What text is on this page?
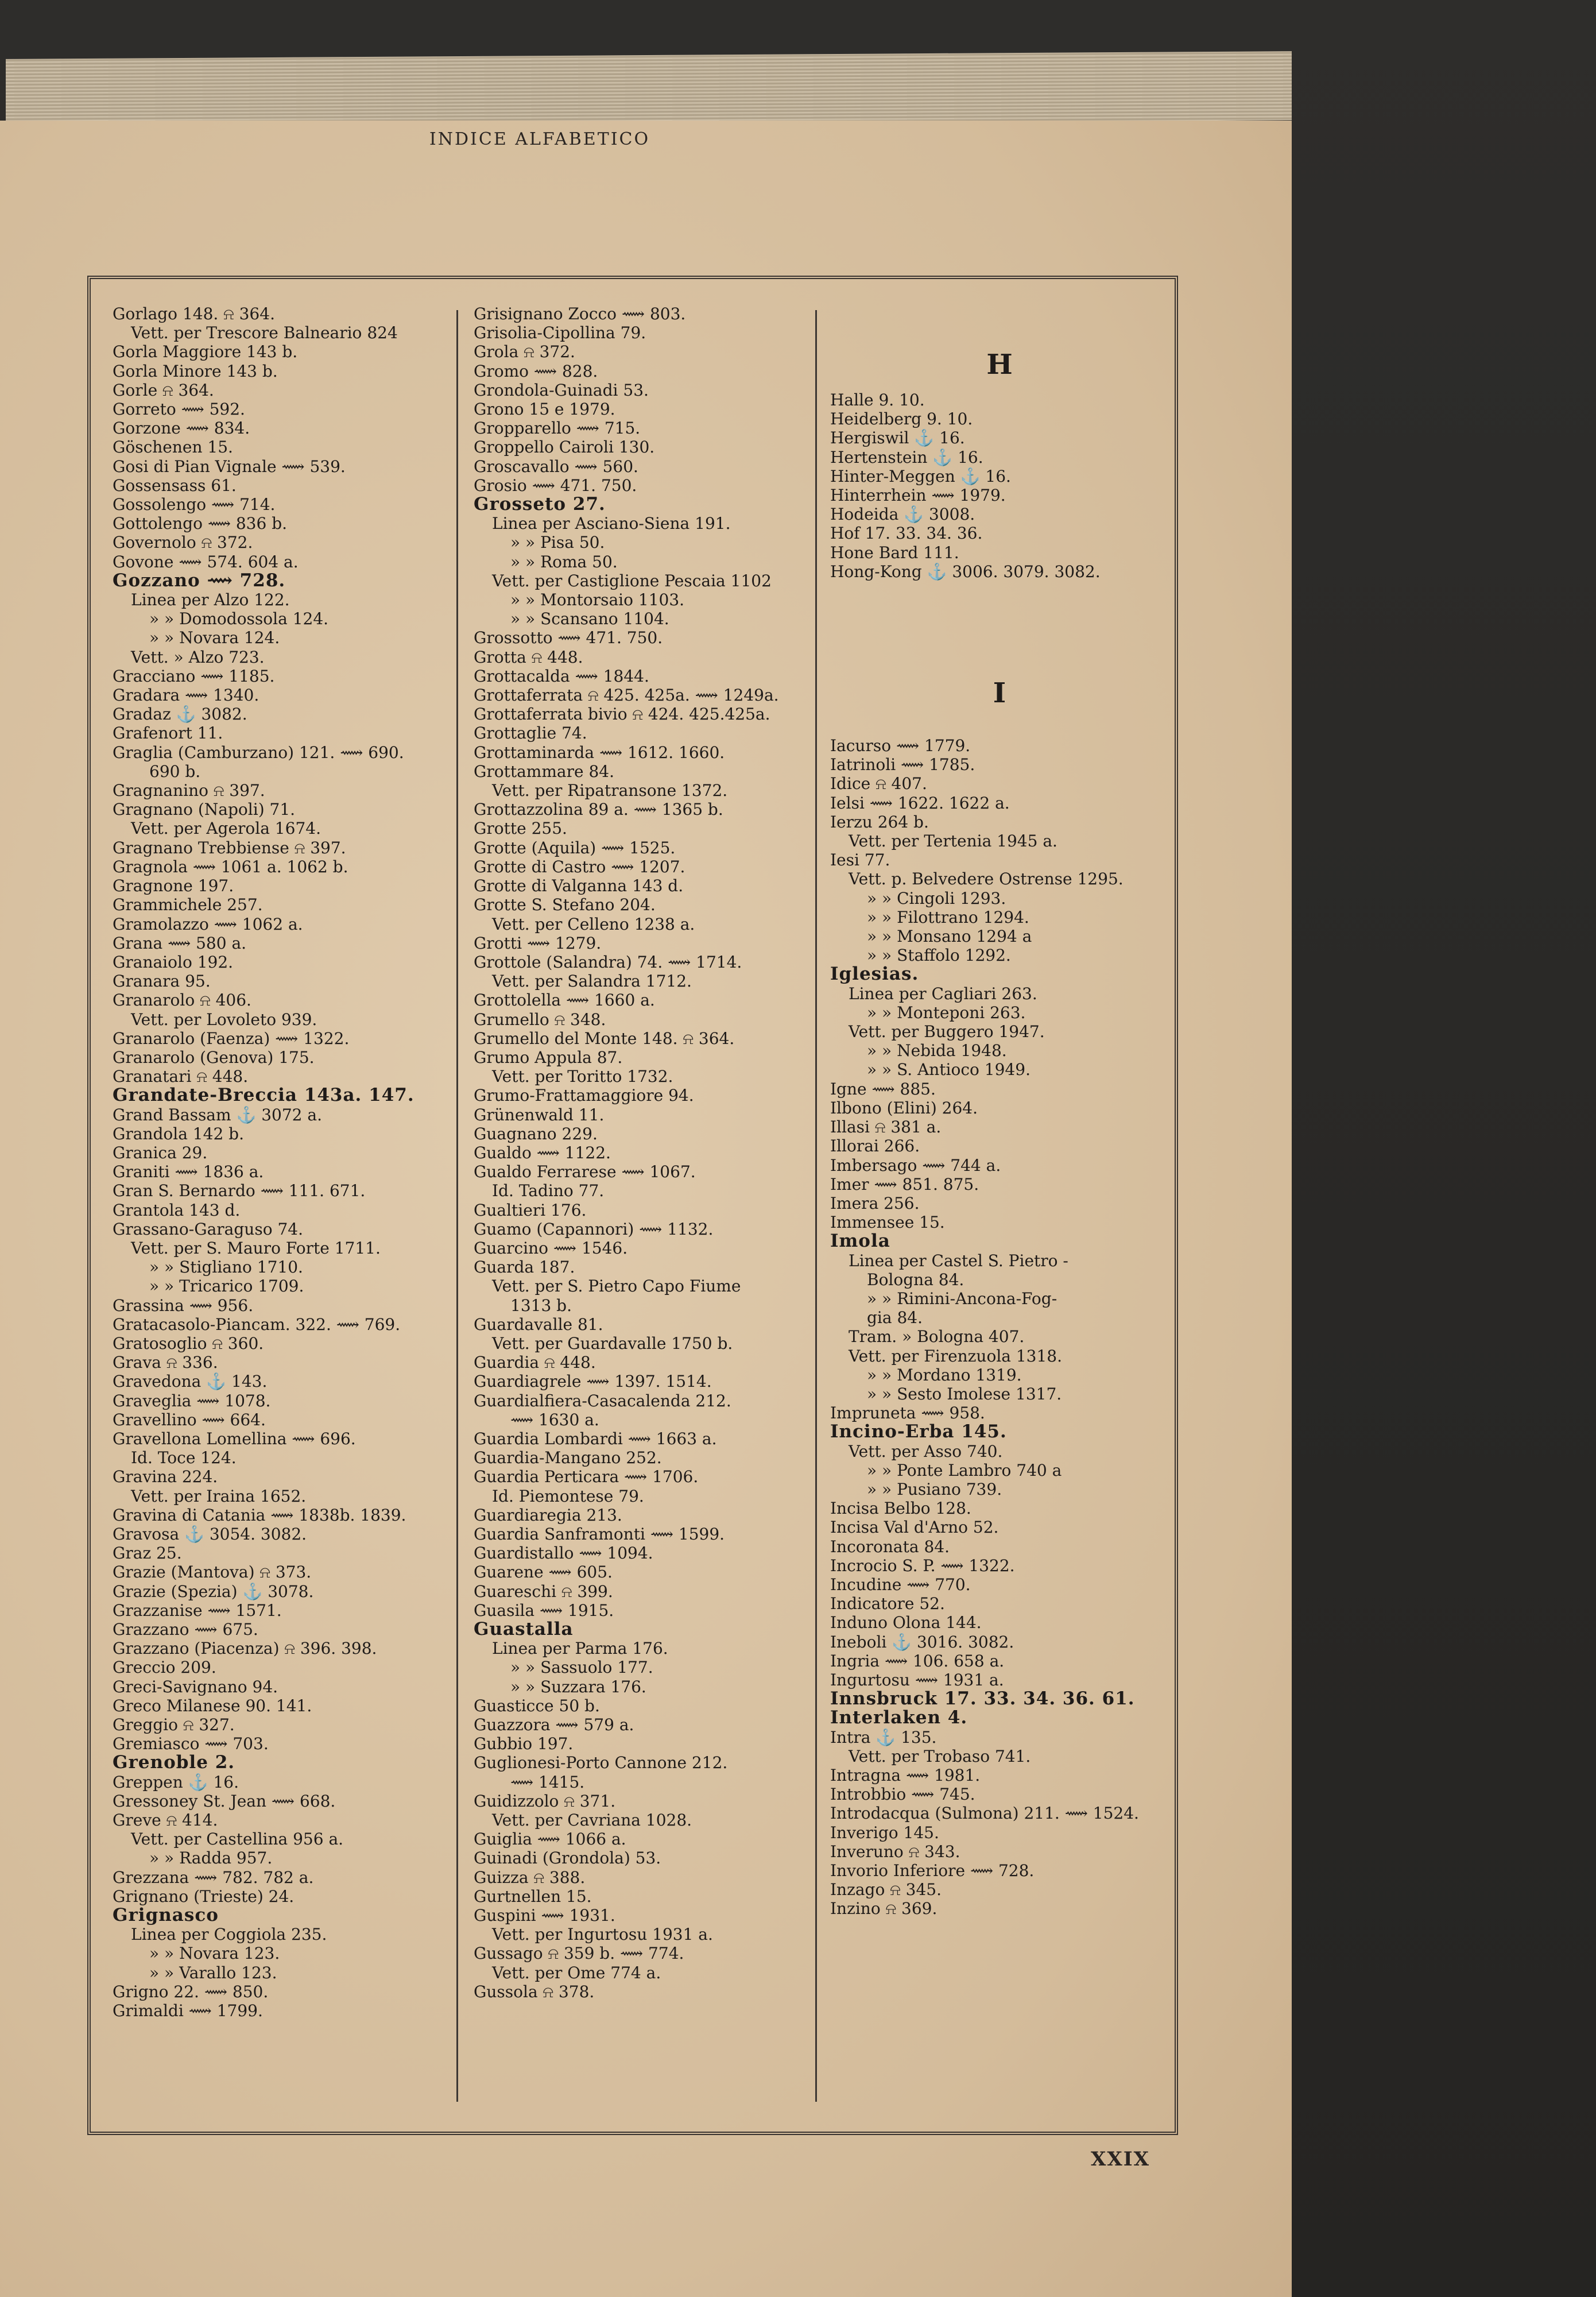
INDICE ALFABETICO
Gorlago 148. ⍾ 364.
Vett. per Trescore Balneario 824
Gorla Maggiore 143 b.
Gorla Minore 143 b.
Gorle ⍾ 364.
Gorreto ⟿ 592.
Gorzone ⟿ 834.
Göschenen 15.
Gosi di Pian Vignale ⟿ 539.
Gossensass 61.
Gossolengo ⟿ 714.
Gottolengo ⟿ 836 b.
Governolo ⍾ 372.
Govone ⟿ 574. 604 a.
Gozzano ⟿ 728.
Linea per Alzo 122.
» » Domodossola 124.
» » Novara 124.
Vett. » Alzo 723.
Gracciano ⟿ 1185.
Gradara ⟿ 1340.
Gradaz ⚓ 3082.
Grafenort 11.
Graglia (Camburzano) 121. ⟿ 690.
690 b.
Gragnanino ⍾ 397.
Gragnano (Napoli) 71.
Vett. per Agerola 1674.
Gragnano Trebbiense ⍾ 397.
Gragnola ⟿ 1061 a. 1062 b.
Gragnone 197.
Grammichele 257.
Gramolazzo ⟿ 1062 a.
Grana ⟿ 580 a.
Granaiolo 192.
Granara 95.
Granarolo ⍾ 406.
Vett. per Lovoleto 939.
Granarolo (Faenza) ⟿ 1322.
Granarolo (Genova) 175.
Granatari ⍾ 448.
Grandate-Breccia 143a. 147.
Grand Bassam ⚓ 3072 a.
Grandola 142 b.
Granica 29.
Graniti ⟿ 1836 a.
Gran S. Bernardo ⟿ 111. 671.
Grantola 143 d.
Grassano-Garaguso 74.
Vett. per S. Mauro Forte 1711.
» » Stigliano 1710.
» » Tricarico 1709.
Grassina ⟿ 956.
Gratacasolo-Piancam. 322. ⟿ 769.
Gratosoglio ⍾ 360.
Grava ⍾ 336.
Gravedona ⚓ 143.
Graveglia ⟿ 1078.
Gravellino ⟿ 664.
Gravellona Lomellina ⟿ 696.
Id. Toce 124.
Gravina 224.
Vett. per Iraina 1652.
Gravina di Catania ⟿ 1838b. 1839.
Gravosa ⚓ 3054. 3082.
Graz 25.
Grazie (Mantova) ⍾ 373.
Grazie (Spezia) ⚓ 3078.
Grazzanise ⟿ 1571.
Grazzano ⟿ 675.
Grazzano (Piacenza) ⍾ 396. 398.
Greccio 209.
Greci-Savignano 94.
Greco Milanese 90. 141.
Greggio ⍾ 327.
Gremiasco ⟿ 703.
Grenoble 2.
Greppen ⚓ 16.
Gressoney St. Jean ⟿ 668.
Greve ⍾ 414.
Vett. per Castellina 956 a.
» » Radda 957.
Grezzana ⟿ 782. 782 a.
Grignano (Trieste) 24.
Grignasco
Linea per Coggiola 235.
» » Novara 123.
» » Varallo 123.
Grigno 22. ⟿ 850.
Grimaldi ⟿ 1799.
Grisignano Zocco ⟿ 803.
Grisolia-Cipollina 79.
Grola ⍾ 372.
Gromo ⟿ 828.
Grondola-Guinadi 53.
Grono 15 e 1979.
Gropparello ⟿ 715.
Groppello Cairoli 130.
Groscavallo ⟿ 560.
Grosio ⟿ 471. 750.
Grosseto 27.
Linea per Asciano-Siena 191.
» » Pisa 50.
» » Roma 50.
Vett. per Castiglione Pescaia 1102
» » Montorsaio 1103.
» » Scansano 1104.
Grossotto ⟿ 471. 750.
Grotta ⍾ 448.
Grottacalda ⟿ 1844.
Grottaferrata ⍾ 425. 425a. ⟿ 1249a.
Grottaferrata bivio ⍾ 424. 425.425a.
Grottaglie 74.
Grottaminarda ⟿ 1612. 1660.
Grottammare 84.
Vett. per Ripatransone 1372.
Grottazzolina 89 a. ⟿ 1365 b.
Grotte 255.
Grotte (Aquila) ⟿ 1525.
Grotte di Castro ⟿ 1207.
Grotte di Valganna 143 d.
Grotte S. Stefano 204.
Vett. per Celleno 1238 a.
Grotti ⟿ 1279.
Grottole (Salandra) 74. ⟿ 1714.
Vett. per Salandra 1712.
Grottolella ⟿ 1660 a.
Grumello ⍾ 348.
Grumello del Monte 148. ⍾ 364.
Grumo Appula 87.
Vett. per Toritto 1732.
Grumo-Frattamaggiore 94.
Grünenwald 11.
Guagnano 229.
Gualdo ⟿ 1122.
Gualdo Ferrarese ⟿ 1067.
Id. Tadino 77.
Gualtieri 176.
Guamo (Capannori) ⟿ 1132.
Guarcino ⟿ 1546.
Guarda 187.
Vett. per S. Pietro Capo Fiume
1313 b.
Guardavalle 81.
Vett. per Guardavalle 1750 b.
Guardia ⍾ 448.
Guardiagrele ⟿ 1397. 1514.
Guardialfiera-Casacalenda 212.
⟿ 1630 a.
Guardia Lombardi ⟿ 1663 a.
Guardia-Mangano 252.
Guardia Perticara ⟿ 1706.
Id. Piemontese 79.
Guardiaregia 213.
Guardia Sanframonti ⟿ 1599.
Guardistallo ⟿ 1094.
Guarene ⟿ 605.
Guareschi ⍾ 399.
Guasila ⟿ 1915.
Guastalla
Linea per Parma 176.
» » Sassuolo 177.
» » Suzzara 176.
Guasticce 50 b.
Guazzora ⟿ 579 a.
Gubbio 197.
Guglionesi-Porto Cannone 212.
⟿ 1415.
Guidizzolo ⍾ 371.
Vett. per Cavriana 1028.
Guiglia ⟿ 1066 a.
Guinadi (Grondola) 53.
Guizza ⍾ 388.
Gurtnellen 15.
Guspini ⟿ 1931.
Vett. per Ingurtosu 1931 a.
Gussago ⍾ 359 b. ⟿ 774.
Vett. per Ome 774 a.
Gussola ⍾ 378.
H
Halle 9. 10.
Heidelberg 9. 10.
Hergiswil ⚓ 16.
Hertenstein ⚓ 16.
Hinter-Meggen ⚓ 16.
Hinterrhein ⟿ 1979.
Hodeida ⚓ 3008.
Hof 17. 33. 34. 36.
Hone Bard 111.
Hong-Kong ⚓ 3006. 3079. 3082.
I
Iacurso ⟿ 1779.
Iatrinoli ⟿ 1785.
Idice ⍾ 407.
Ielsi ⟿ 1622. 1622 a.
Ierzu 264 b.
Vett. per Tertenia 1945 a.
Iesi 77.
Vett. p. Belvedere Ostrense 1295.
» » Cingoli 1293.
» » Filottrano 1294.
» » Monsano 1294 a
» » Staffolo 1292.
Iglesias.
Linea per Cagliari 263.
» » Monteponi 263.
Vett. per Buggero 1947.
» » Nebida 1948.
» » S. Antioco 1949.
Igne ⟿ 885.
Ilbono (Elini) 264.
Illasi ⍾ 381 a.
Illorai 266.
Imbersago ⟿ 744 a.
Imer ⟿ 851. 875.
Imera 256.
Immensee 15.
Imola
Linea per Castel S. Pietro -
Bologna 84.
» » Rimini-Ancona-Fog-
gia 84.
Tram. » Bologna 407.
Vett. per Firenzuola 1318.
» » Mordano 1319.
» » Sesto Imolese 1317.
Impruneta ⟿ 958.
Incino-Erba 145.
Vett. per Asso 740.
» » Ponte Lambro 740 a
» » Pusiano 739.
Incisa Belbo 128.
Incisa Val d'Arno 52.
Incoronata 84.
Incrocio S. P. ⟿ 1322.
Incudine ⟿ 770.
Indicatore 52.
Induno Olona 144.
Ineboli ⚓ 3016. 3082.
Ingria ⟿ 106. 658 a.
Ingurtosu ⟿ 1931 a.
Innsbruck 17. 33. 34. 36. 61.
Interlaken 4.
Intra ⚓ 135.
Vett. per Trobaso 741.
Intragna ⟿ 1981.
Introbbio ⟿ 745.
Introdacqua (Sulmona) 211. ⟿ 1524.
Inverigo 145.
Inveruno ⍾ 343.
Invorio Inferiore ⟿ 728.
Inzago ⍾ 345.
Inzino ⍾ 369.
XXIX
